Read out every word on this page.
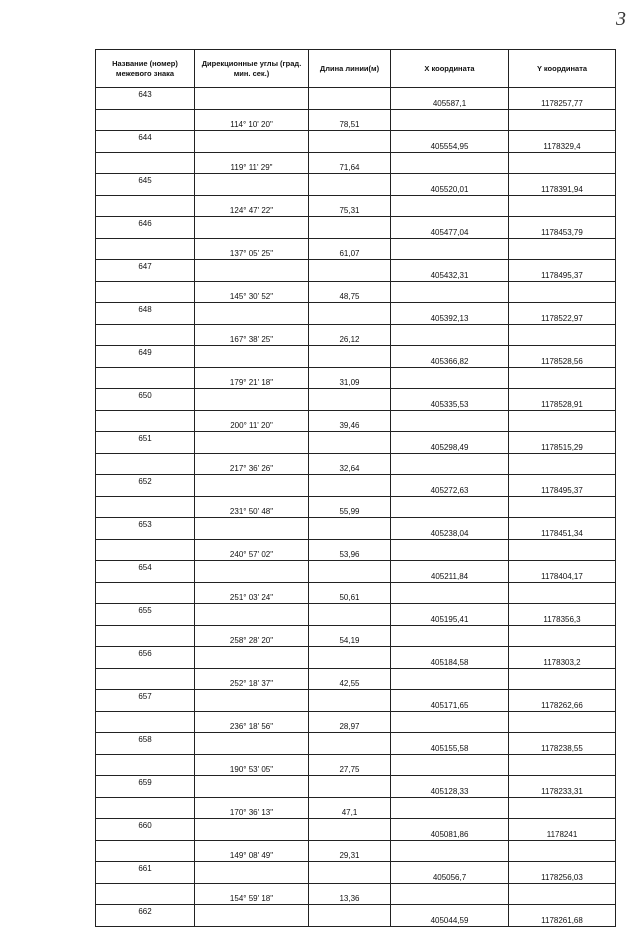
3
Название (номер) межевого знака	Дирекционные углы (град. мин. сек.)	Длина линии(м)	X координата	Y координата
643			405587,1	1178257,77
	114° 10' 20"	78,51		
644			405554,95	1178329,4
	119° 11' 29"	71,64		
645			405520,01	1178391,94
	124° 47' 22"	75,31		
646			405477,04	1178453,79
	137° 05' 25"	61,07		
647			405432,31	1178495,37
	145° 30' 52"	48,75		
648			405392,13	1178522,97
	167° 38' 25"	26,12		
649			405366,82	1178528,56
	179° 21' 18"	31,09		
650			405335,53	1178528,91
	200° 11' 20"	39,46		
651			405298,49	1178515,29
	217° 36' 26"	32,64		
652			405272,63	1178495,37
	231° 50' 48"	55,99		
653			405238,04	1178451,34
	240° 57' 02"	53,96		
654			405211,84	1178404,17
	251° 03' 24"	50,61		
655			405195,41	1178356,3
	258° 28' 20"	54,19		
656			405184,58	1178303,2
	252° 18' 37"	42,55		
657			405171,65	1178262,66
	236° 18' 56"	28,97		
658			405155,58	1178238,55
	190° 53' 05"	27,75		
659			405128,33	1178233,31
	170° 36' 13"	47,1		
660			405081,86	1178241
	149° 08' 49"	29,31		
661			405056,7	1178256,03
	154° 59' 18"	13,36		
662			405044,59	1178261,68
